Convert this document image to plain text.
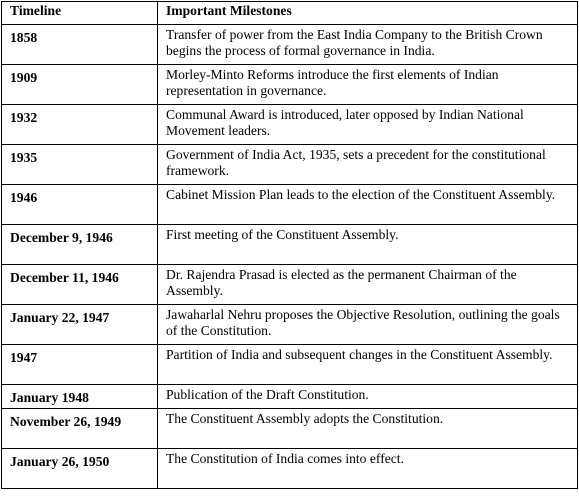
Timeline	Important Milestones
1858	Transfer of power from the East India Company to the British Crown begins the process of formal governance in India.
1909	Morley-Minto Reforms introduce the first elements of Indian representation in governance.
1932	Communal Award is introduced, later opposed by Indian National Movement leaders.
1935	Government of India Act, 1935, sets a precedent for the constitutional framework.
1946	Cabinet Mission Plan leads to the election of the Constituent Assembly.
December 9, 1946	First meeting of the Constituent Assembly.
December 11, 1946	Dr. Rajendra Prasad is elected as the permanent Chairman of the Assembly.
January 22, 1947	Jawaharlal Nehru proposes the Objective Resolution, outlining the goals of the Constitution.
1947	Partition of India and subsequent changes in the Constituent Assembly.
January 1948	Publication of the Draft Constitution.
November 26, 1949	The Constituent Assembly adopts the Constitution.
January 26, 1950	The Constitution of India comes into effect.
